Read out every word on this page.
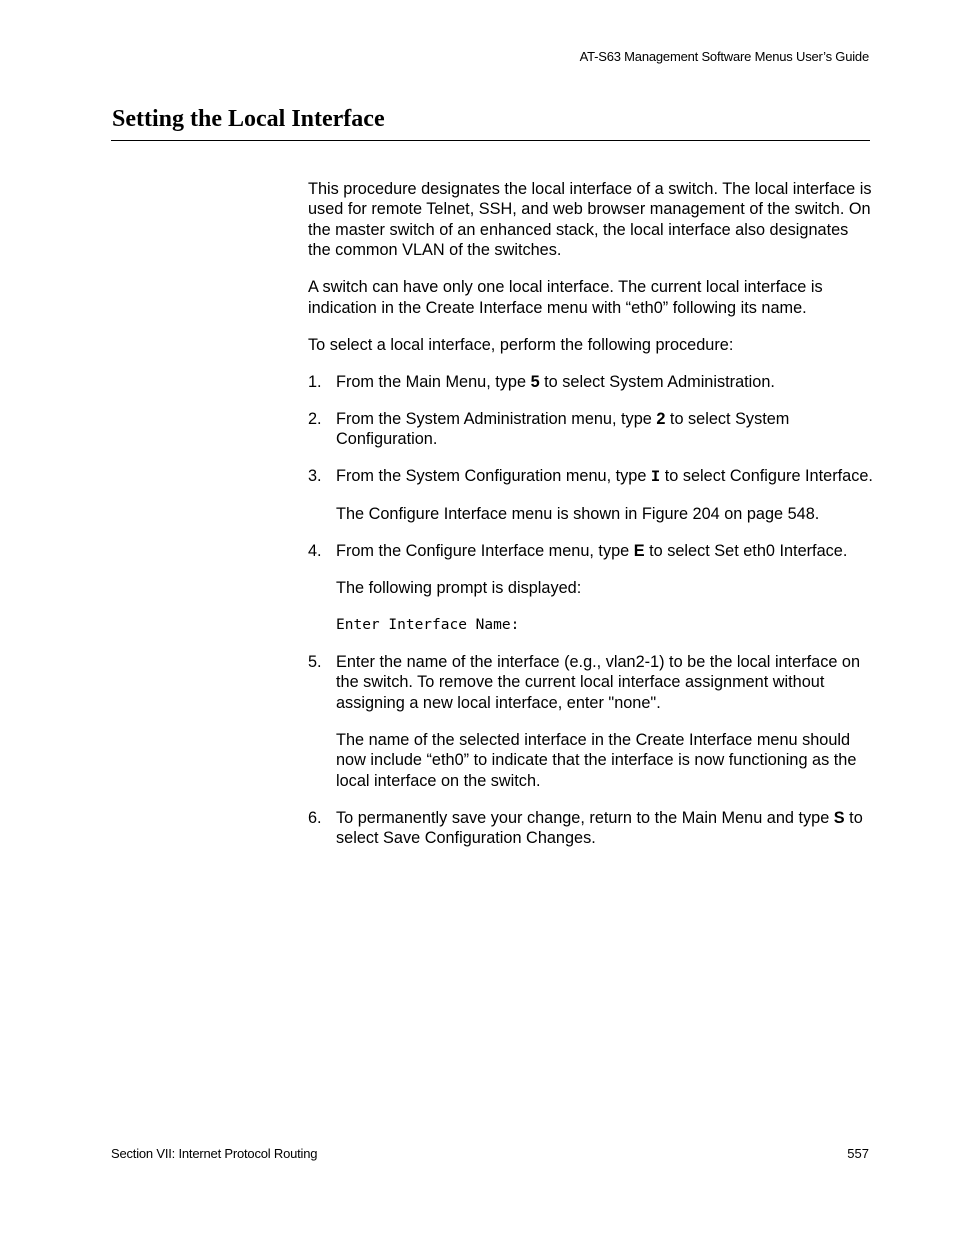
AT-S63 Management Software Menus User’s Guide
Setting the Local Interface

This procedure designates the local interface of a switch. The local interface is used for remote Telnet, SSH, and web browser management of the switch. On the master switch of an enhanced stack, the local interface also designates the common VLAN of the switches.

A switch can have only one local interface. The current local interface is indication in the Create Interface menu with “eth0” following its name.

To select a local interface, perform the following procedure:

1. From the Main Menu, type 5 to select System Administration.
2. From the System Administration menu, type 2 to select System Configuration.
3. From the System Configuration menu, type I to select Configure Interface.
The Configure Interface menu is shown in Figure 204 on page 548.
4. From the Configure Interface menu, type E to select Set eth0 Interface.
The following prompt is displayed:
Enter Interface Name:
5. Enter the name of the interface (e.g., vlan2-1) to be the local interface on the switch. To remove the current local interface assignment without assigning a new local interface, enter "none".
The name of the selected interface in the Create Interface menu should now include “eth0” to indicate that the interface is now functioning as the local interface on the switch.
6. To permanently save your change, return to the Main Menu and type S to select Save Configuration Changes.
Section VII: Internet Protocol Routing	557
